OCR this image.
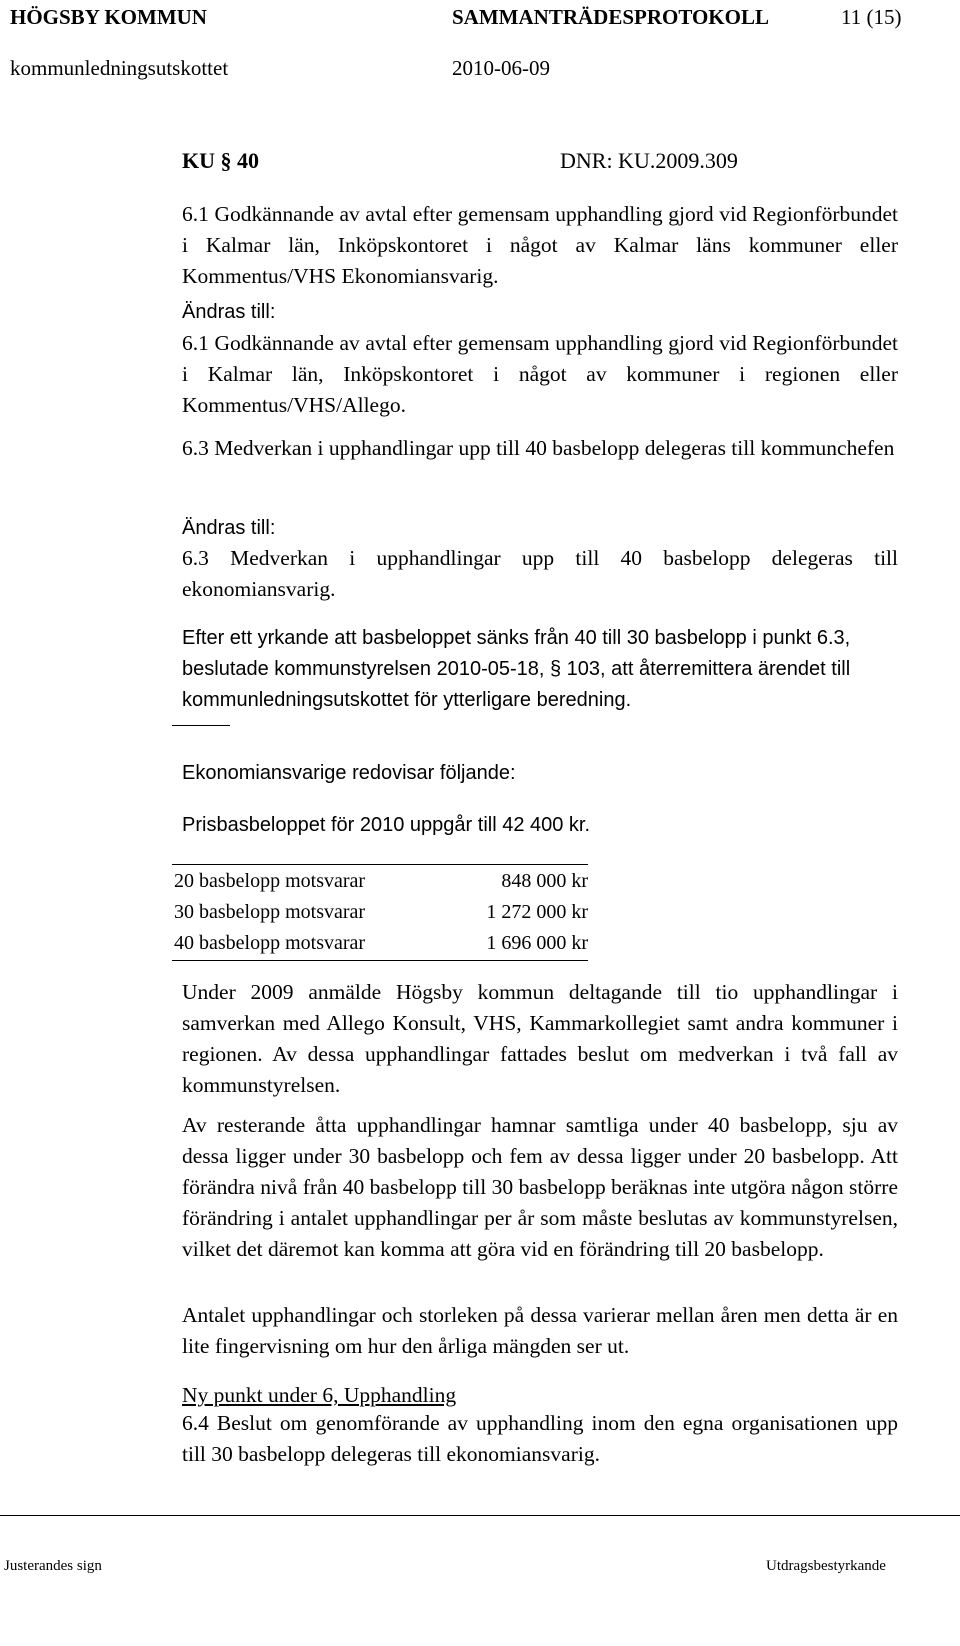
HÖGSBY KOMMUN	SAMMANTRÄDESPROTOKOLL	11 (15)
kommunledningsutskottet	2010-06-09
KU § 40	DNR: KU.2009.309
6.1 Godkännande av avtal efter gemensam upphandling gjord vid Regionförbundet i Kalmar län, Inköpskontoret i något av Kalmar läns kommuner eller Kommentus/VHS Ekonomiansvarig.
Ändras till:
6.1 Godkännande av avtal efter gemensam upphandling gjord vid Regionförbundet i Kalmar län, Inköpskontoret i något av kommuner i regionen eller Kommentus/VHS/Allego.
6.3 Medverkan i upphandlingar upp till 40 basbelopp delegeras till kommunchefen
Ändras till:
6.3 Medverkan i upphandlingar upp till 40 basbelopp delegeras till ekonomiansvarig.
Efter ett yrkande att basbeloppet sänks från 40 till 30 basbelopp i punkt 6.3, beslutade kommunstyrelsen 2010-05-18, § 103, att återremittera ärendet till kommunledningsutskottet för ytterligare beredning.
Ekonomiansvarige redovisar följande:
Prisbasbeloppet för 2010 uppgår till 42 400 kr.
20 basbelopp motsvarar	848 000 kr
30 basbelopp motsvarar	1 272 000 kr
40 basbelopp motsvarar	1 696 000 kr
Under 2009 anmälde Högsby kommun deltagande till tio upphandlingar i samverkan med Allego Konsult, VHS, Kammarkollegiet samt andra kommuner i regionen. Av dessa upphandlingar fattades beslut om medverkan i två fall av kommunstyrelsen.
Av resterande åtta upphandlingar hamnar samtliga under 40 basbelopp, sju av dessa ligger under 30 basbelopp och fem av dessa ligger under 20 basbelopp. Att förändra nivå från 40 basbelopp till 30 basbelopp beräknas inte utgöra någon större förändring i antalet upphandlingar per år som måste beslutas av kommunstyrelsen, vilket det däremot kan komma att göra vid en förändring till 20 basbelopp.
Antalet upphandlingar och storleken på dessa varierar mellan åren men detta är en lite fingervisning om hur den årliga mängden ser ut.
Ny punkt under 6, Upphandling
6.4 Beslut om genomförande av upphandling inom den egna organisationen upp till 30 basbelopp delegeras till ekonomiansvarig.
Justerandes sign	Utdragsbestyrkande
